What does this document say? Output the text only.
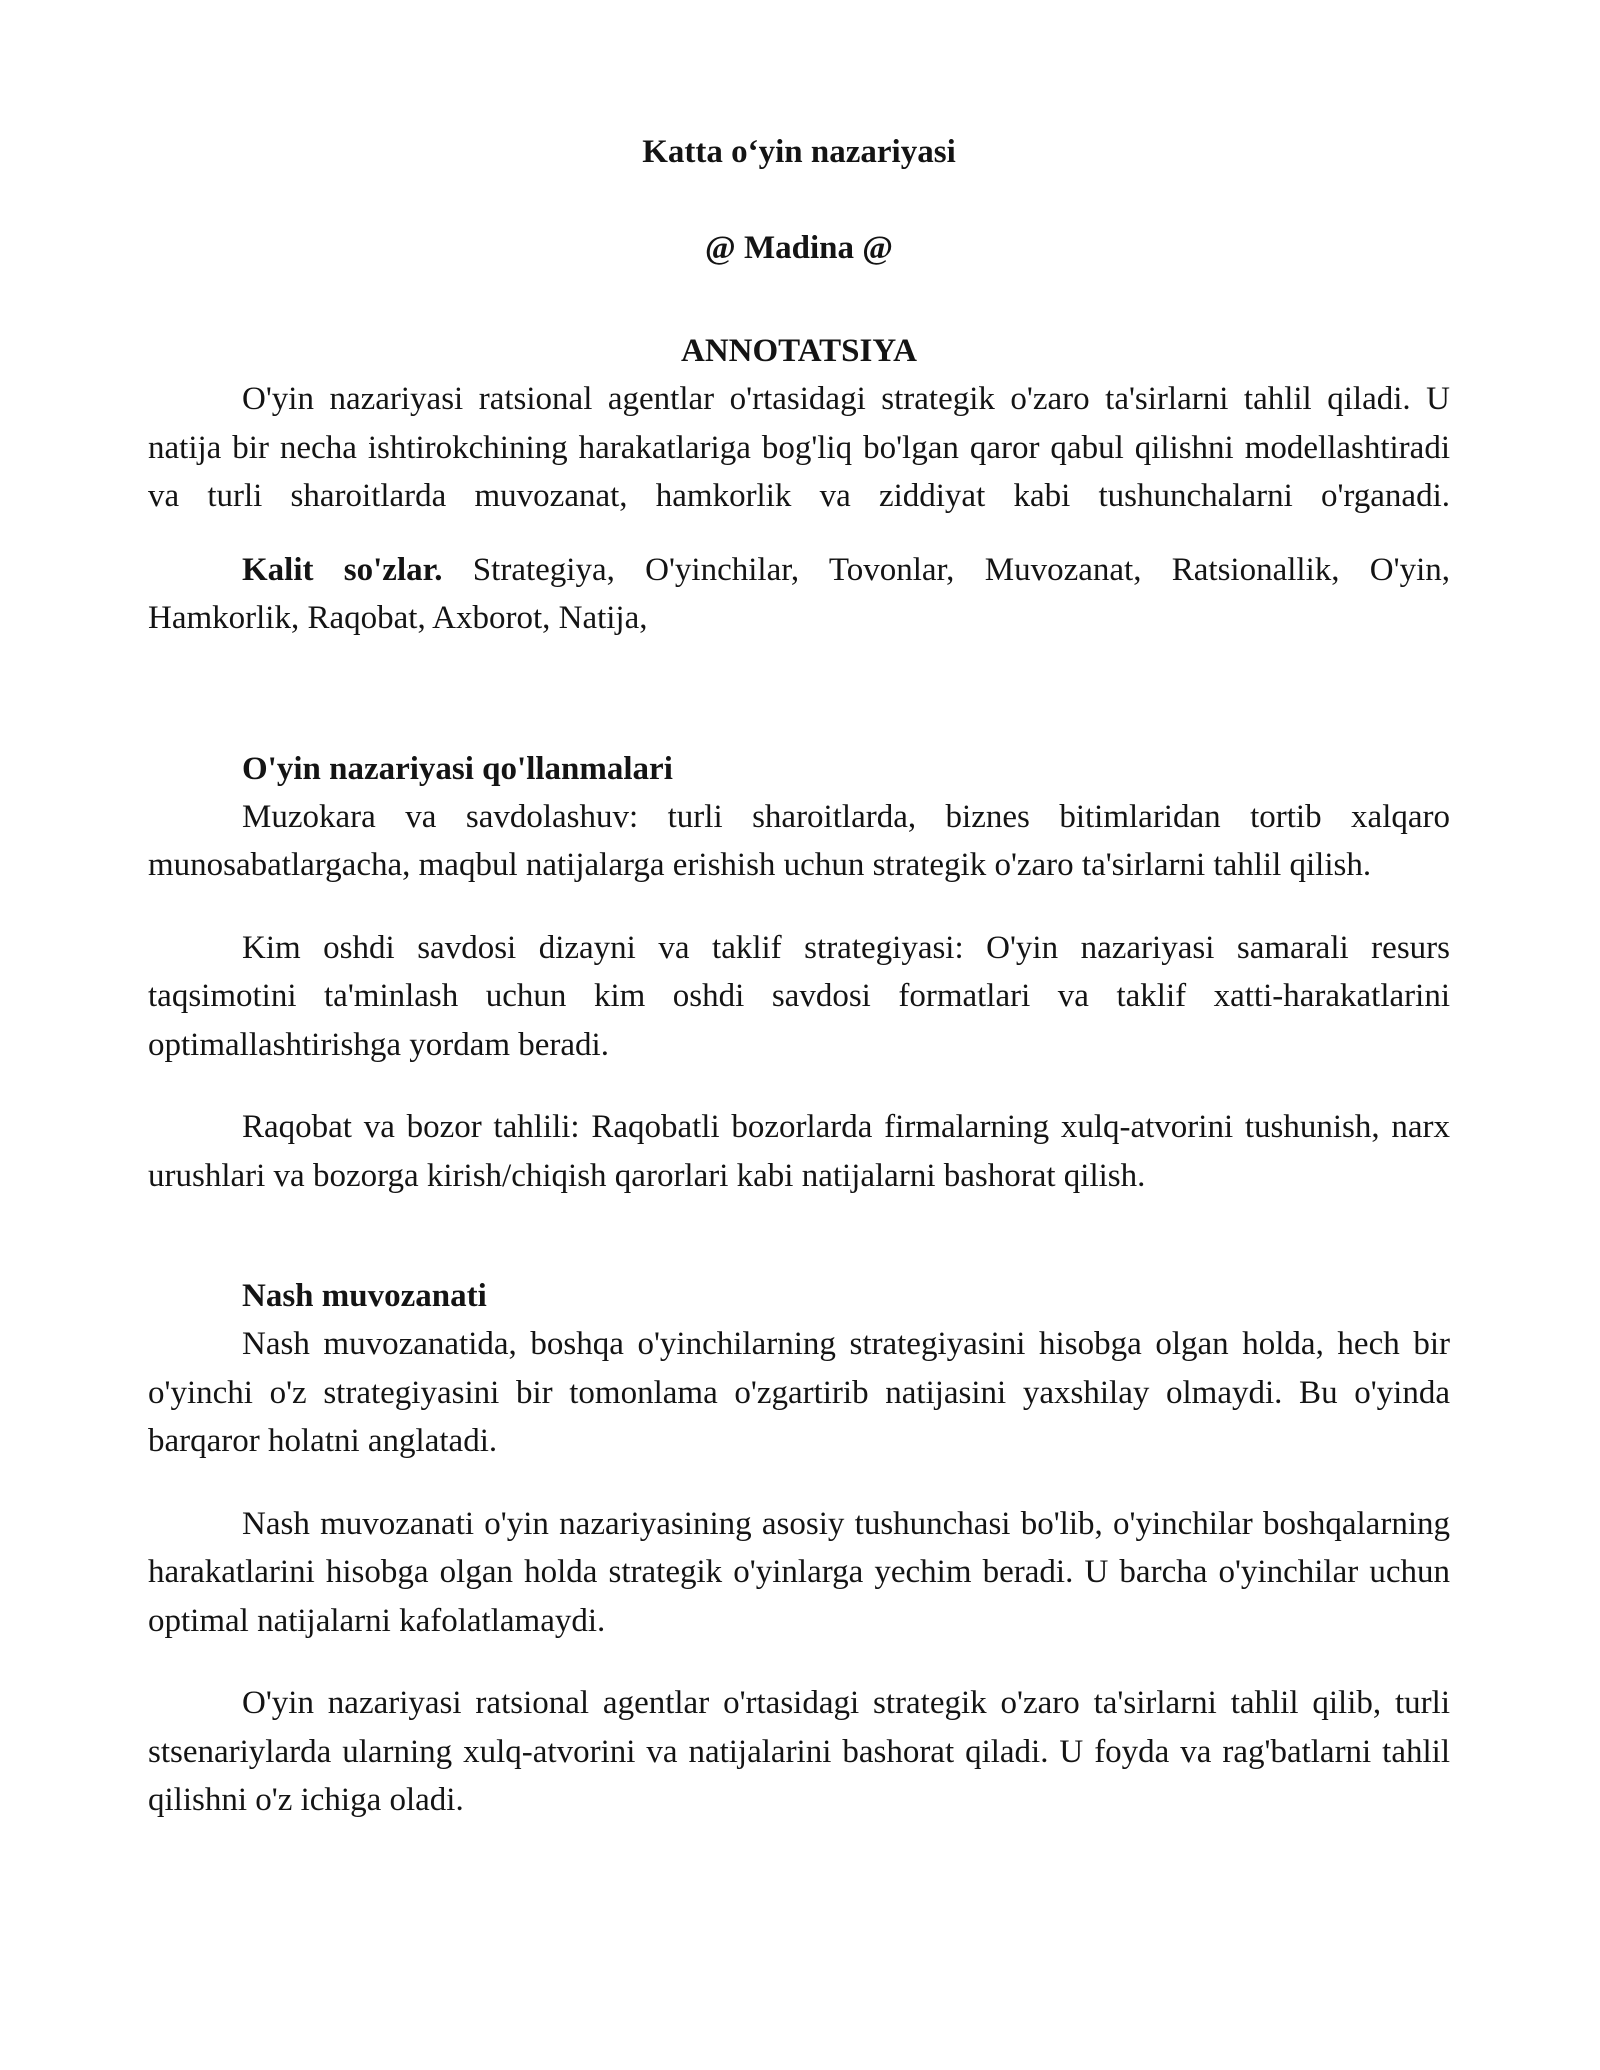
Katta o‘yin nazariyasi

@ Madina @

ANNOTATSIYA

O'yin nazariyasi ratsional agentlar o'rtasidagi strategik o'zaro ta'sirlarni tahlil qiladi. U natija bir necha ishtirokchining harakatlariga bog'liq bo'lgan qaror qabul qilishni modellashtiradi va turli sharoitlarda muvozanat, hamkorlik va ziddiyat kabi tushunchalarni o'rganadi.

Kalit so'zlar. Strategiya, O'yinchilar, Tovonlar, Muvozanat, Ratsionallik, O'yin, Hamkorlik, Raqobat, Axborot, Natija,

O'yin nazariyasi qo'llanmalari

Muzokara va savdolashuv: turli sharoitlarda, biznes bitimlaridan tortib xalqaro munosabatlargacha, maqbul natijalarga erishish uchun strategik o'zaro ta'sirlarni tahlil qilish.

Kim oshdi savdosi dizayni va taklif strategiyasi: O'yin nazariyasi samarali resurs taqsimotini ta'minlash uchun kim oshdi savdosi formatlari va taklif xatti-harakatlarini optimallashtirishga yordam beradi.

Raqobat va bozor tahlili: Raqobatli bozorlarda firmalarning xulq-atvorini tushunish, narx urushlari va bozorga kirish/chiqish qarorlari kabi natijalarni bashorat qilish.

Nash muvozanati

Nash muvozanatida, boshqa o'yinchilarning strategiyasini hisobga olgan holda, hech bir o'yinchi o'z strategiyasini bir tomonlama o'zgartirib natijasini yaxshilay olmaydi. Bu o'yinda barqaror holatni anglatadi.

Nash muvozanati o'yin nazariyasining asosiy tushunchasi bo'lib, o'yinchilar boshqalarning harakatlarini hisobga olgan holda strategik o'yinlarga yechim beradi. U barcha o'yinchilar uchun optimal natijalarni kafolatlamaydi.

O'yin nazariyasi ratsional agentlar o'rtasidagi strategik o'zaro ta'sirlarni tahlil qilib, turli stsenariylarda ularning xulq-atvorini va natijalarini bashorat qiladi. U foyda va rag'batlarni tahlil qilishni o'z ichiga oladi.
